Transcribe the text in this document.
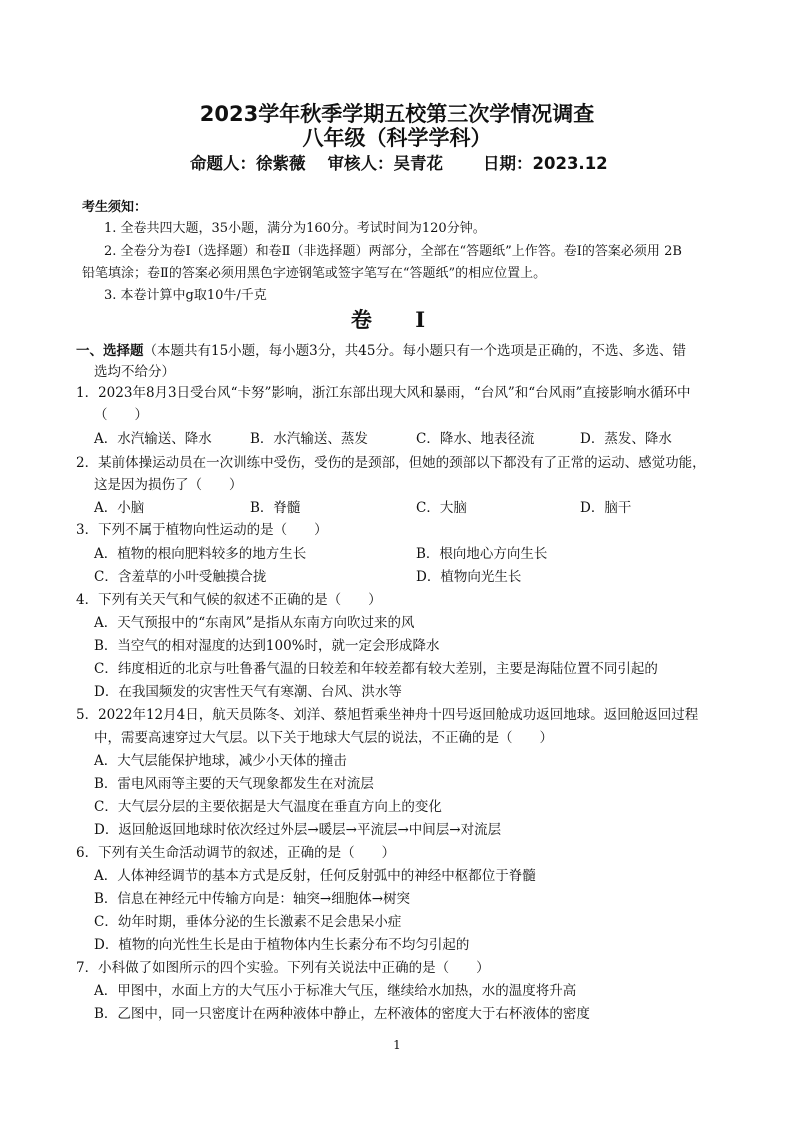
2023学年秋季学期五校第三次学情况调查
八年级（科学学科）
命题人：徐紫薇 审核人：吴青花 日期：2023.12
考生须知：
1. 全卷共四大题，35小题，满分为160分。考试时间为120分钟。
2. 全卷分为卷Ⅰ（选择题）和卷Ⅱ（非选择题）两部分，全部在“答题纸”上作答。卷Ⅰ的答案必须用 2B
铅笔填涂；卷Ⅱ的答案必须用黑色字迹钢笔或签字笔写在“答题纸”的相应位置上。
3. 本卷计算中g取10牛/千克
卷 Ⅰ
一、选择题（本题共有15小题，每小题3分，共45分。每小题只有一个选项是正确的，不选、多选、错
选均不给分）
1．2023年8月3日受台风“卡努”影响，浙江东部出现大风和暴雨，“台风”和“台风雨”直接影响水循环中
（　　）
A．水汽输送、降水	B．水汽输送、蒸发	C．降水、地表径流	D．蒸发、降水
2．某前体操运动员在一次训练中受伤，受伤的是颈部，但她的颈部以下都没有了正常的运动、感觉功能，
这是因为损伤了（　　）
A．小脑	B．脊髓	C．大脑	D．脑干
3．下列不属于植物向性运动的是（　　）
A．植物的根向肥料较多的地方生长	B．根向地心方向生长
C．含羞草的小叶受触摸合拢	D．植物向光生长
4．下列有关天气和气候的叙述不正确的是（　　）
A．天气预报中的“东南风”是指从东南方向吹过来的风
B．当空气的相对湿度的达到100%时，就一定会形成降水
C．纬度相近的北京与吐鲁番气温的日较差和年较差都有较大差别，主要是海陆位置不同引起的
D．在我国频发的灾害性天气有寒潮、台风、洪水等
5．2022年12月4日，航天员陈冬、刘洋、蔡旭哲乘坐神舟十四号返回舱成功返回地球。返回舱返回过程
中，需要高速穿过大气层。以下关于地球大气层的说法，不正确的是（　　）
A．大气层能保护地球，减少小天体的撞击
B．雷电风雨等主要的天气现象都发生在对流层
C．大气层分层的主要依据是大气温度在垂直方向上的变化
D．返回舱返回地球时依次经过外层→暖层→平流层→中间层→对流层
6．下列有关生命活动调节的叙述，正确的是（　　）
A．人体神经调节的基本方式是反射，任何反射弧中的神经中枢都位于脊髓
B．信息在神经元中传输方向是：轴突→细胞体→树突
C．幼年时期，垂体分泌的生长激素不足会患呆小症
D．植物的向光性生长是由于植物体内生长素分布不均匀引起的
7．小科做了如图所示的四个实验。下列有关说法中正确的是（　　）
A．甲图中，水面上方的大气压小于标准大气压，继续给水加热，水的温度将升高
B．乙图中，同一只密度计在两种液体中静止，左杯液体的密度大于右杯液体的密度
1
